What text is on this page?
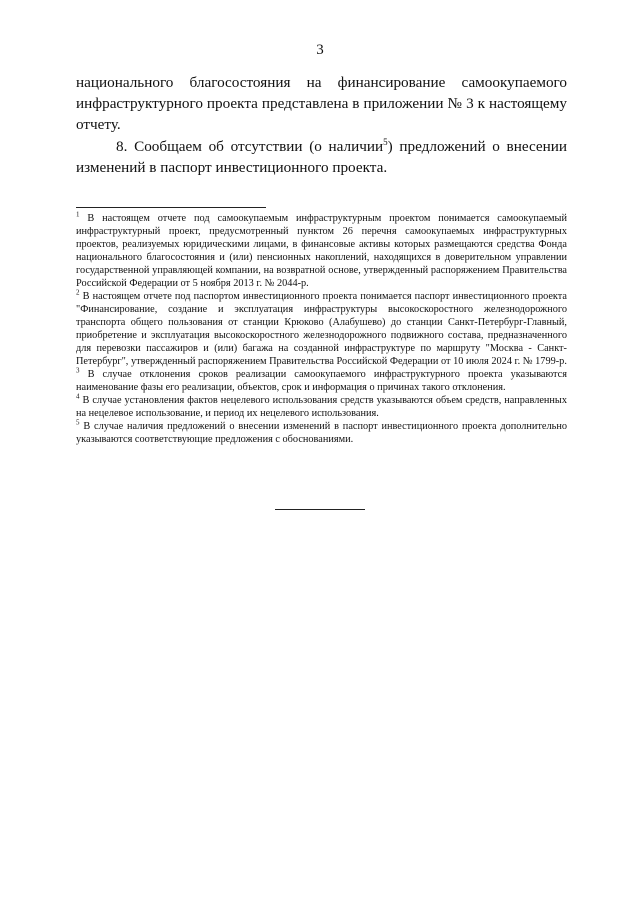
3
национального благосостояния на финансирование самоокупаемого
инфраструктурного проекта представлена в приложении № 3 к настоящему отчету.
8. Сообщаем об отсутствии (о наличии$^5$) предложений о внесении изменений в паспорт инвестиционного проекта.

$^1$ В настоящем отчете под самоокупаемым инфраструктурным проектом понимается самоокупаемый инфраструктурный проект, предусмотренный пунктом 26 перечня самоокупаемых инфраструктурных проектов, реализуемых юридическими лицами, в финансовые активы которых размещаются средства Фонда национального благосостояния и (или) пенсионных накоплений, находящихся в доверительном управлении государственной управляющей компании, на возвратной основе, утвержденный распоряжением Правительства Российской Федерации от 5 ноября 2013 г. № 2044-р.

$^2$ В настоящем отчете под паспортом инвестиционного проекта понимается паспорт инвестиционного проекта "Финансирование, создание и эксплуатация инфраструктуры высокоскоростного железнодорожного транспорта общего пользования от станции Крюково (Алабушево) до станции Санкт-Петербург-Главный, приобретение и эксплуатация высокоскоростного железнодорожного подвижного состава, предназначенного для перевозки пассажиров и (или) багажа на созданной инфраструктуре по маршруту "Москва - Санкт-Петербург", утвержденный распоряжением Правительства Российской Федерации от 10 июля 2024 г. № 1799-р.

$^3$ В случае отклонения сроков реализации самоокупаемого инфраструктурного проекта указываются наименование фазы его реализации, объектов, срок и информация о причинах такого отклонения.

$^4$ В случае установления фактов нецелевого использования средств указываются объем средств, направленных на нецелевое использование, и период их нецелевого использования.

$^5$ В случае наличия предложений о внесении изменений в паспорт инвестиционного проекта дополнительно указываются соответствующие предложения с обоснованиями.
